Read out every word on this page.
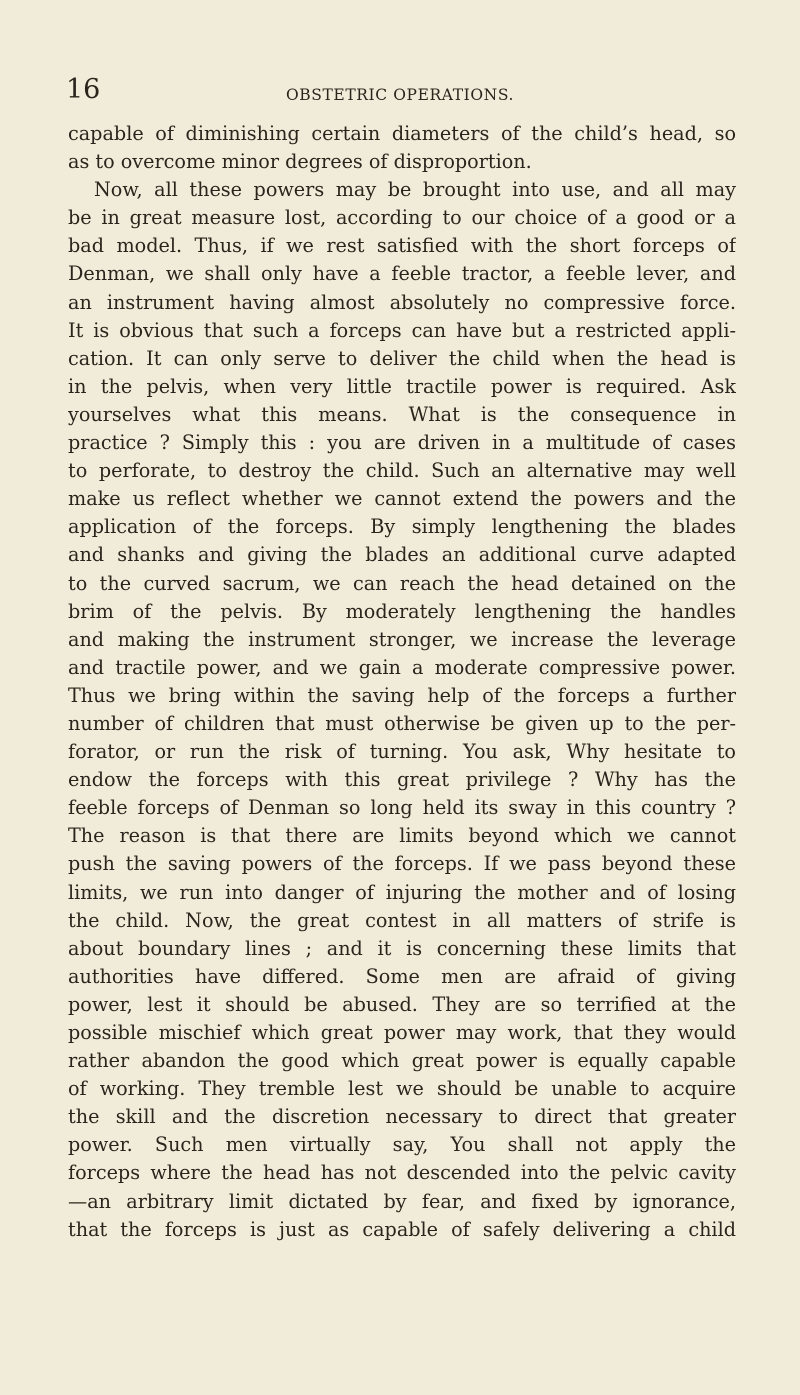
16	OBSTETRIC OPERATIONS.
capable of diminishing certain diameters of the child’s head, so
as to overcome minor degrees of disproportion.
Now, all these powers may be brought into use, and all may
be in great measure lost, according to our choice of a good or a
bad model. Thus, if we rest satisfied with the short forceps of
Denman, we shall only have a feeble tractor, a feeble lever, and
an instrument having almost absolutely no compressive force.
It is obvious that such a forceps can have but a restricted appli-
cation. It can only serve to deliver the child when the head is
in the pelvis, when very little tractile power is required. Ask
yourselves what this means. What is the consequence in
practice ? Simply this : you are driven in a multitude of cases
to perforate, to destroy the child. Such an alternative may well
make us reflect whether we cannot extend the powers and the
application of the forceps. By simply lengthening the blades
and shanks and giving the blades an additional curve adapted
to the curved sacrum, we can reach the head detained on the
brim of the pelvis. By moderately lengthening the handles
and making the instrument stronger, we increase the leverage
and tractile power, and we gain a moderate compressive power.
Thus we bring within the saving help of the forceps a further
number of children that must otherwise be given up to the per-
forator, or run the risk of turning. You ask, Why hesitate to
endow the forceps with this great privilege ? Why has the
feeble forceps of Denman so long held its sway in this country ?
The reason is that there are limits beyond which we cannot
push the saving powers of the forceps. If we pass beyond these
limits, we run into danger of injuring the mother and of losing
the child. Now, the great contest in all matters of strife is
about boundary lines ; and it is concerning these limits that
authorities have differed. Some men are afraid of giving
power, lest it should be abused. They are so terrified at the
possible mischief which great power may work, that they would
rather abandon the good which great power is equally capable
of working. They tremble lest we should be unable to acquire
the skill and the discretion necessary to direct that greater
power. Such men virtually say, You shall not apply the
forceps where the head has not descended into the pelvic cavity
—an arbitrary limit dictated by fear, and fixed by ignorance,
that the forceps is just as capable of safely delivering a child
